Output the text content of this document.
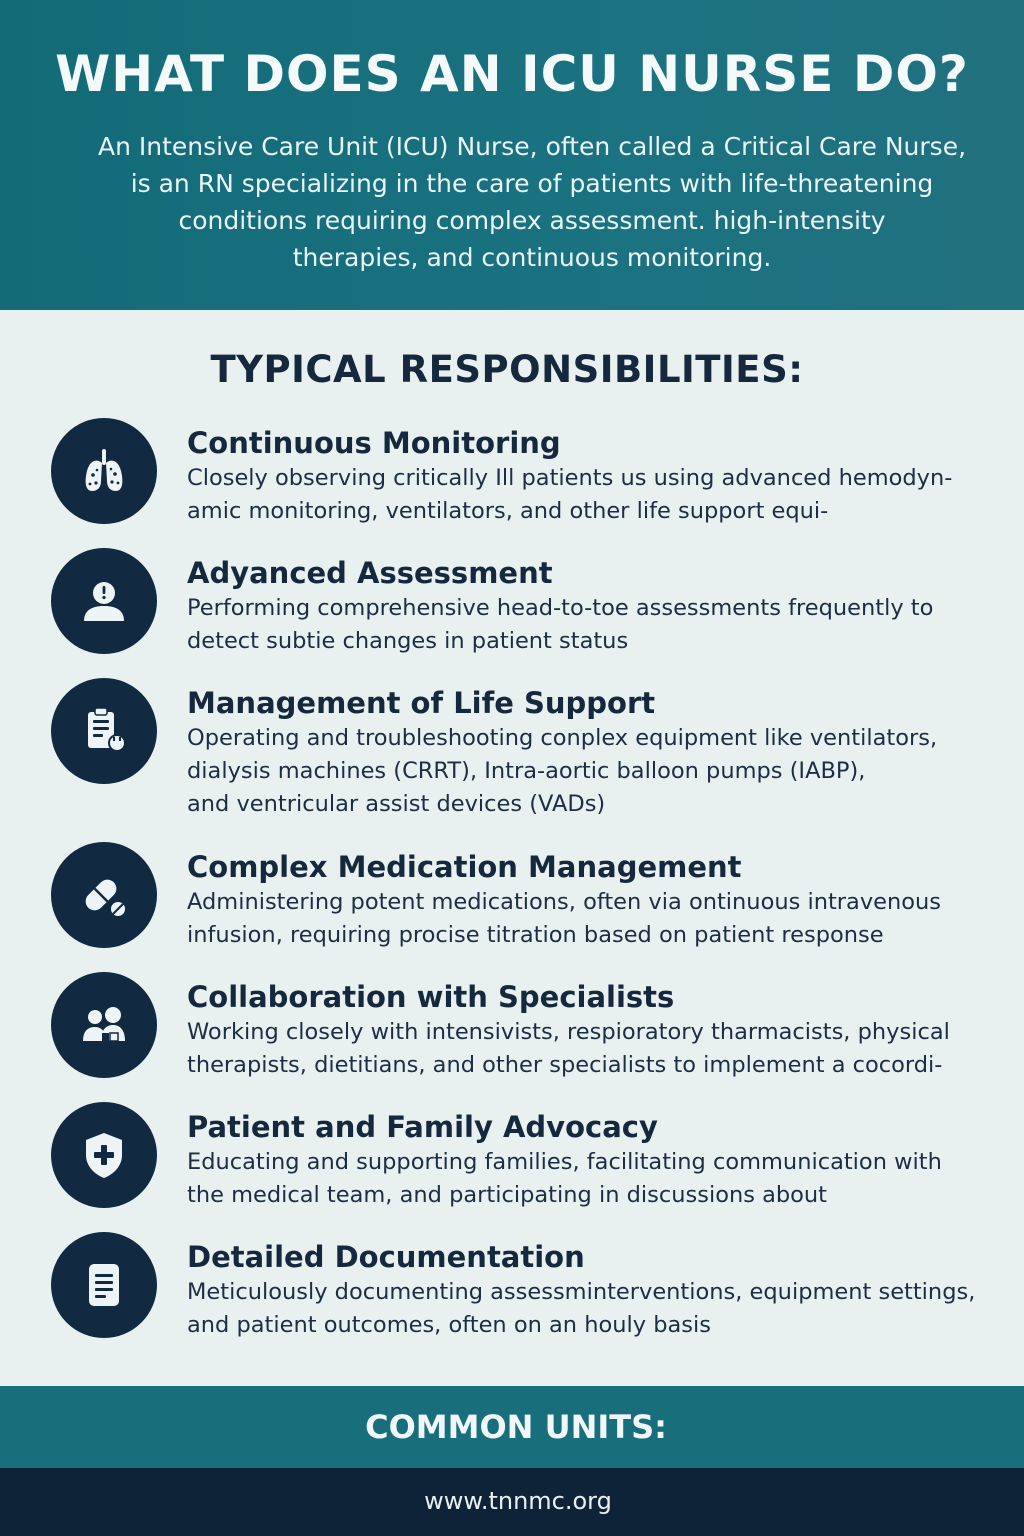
WHAT DOES AN ICU NURSE DO?

An Intensive Care Unit (ICU) Nurse, often called a Critical Care Nurse,
is an RN specializing in the care of patients with life-threatening
conditions requiring complex assessment. high-intensity
therapies, and continuous monitoring.

TYPICAL RESPONSIBILITIES:
Continuous Monitoring

Closely observing critically Ill patients us using advanced hemodyn-
amic monitoring, ventilators, and other life support equi-

Adyanced Assessment

Performing comprehensive head-to-toe assessments frequently to
detect subtie changes in patient status

Management of Life Support

Operating and troubleshooting conplex equipment like ventilators,
dialysis machines (CRRT), Intra-aortic balloon pumps (IABP),
and ventricular assist devices (VADs)

Complex Medication Management

Administering potent medications, often via ontinuous intravenous
infusion, requiring procise titration based on patient response

Collaboration with Specialists

Working closely with intensivists, respioratory tharmacists, physical
therapists, dietitians, and other specialists to implement a cocordi-

Patient and Family Advocacy

Educating and supporting families, facilitating communication with
the medical team, and participating in discussions about

Detailed Documentation

Meticulously documenting assessminterventions, equipment settings,
and patient outcomes, often on an houly basis

COMMON UNITS:
www.tnnmc.org
